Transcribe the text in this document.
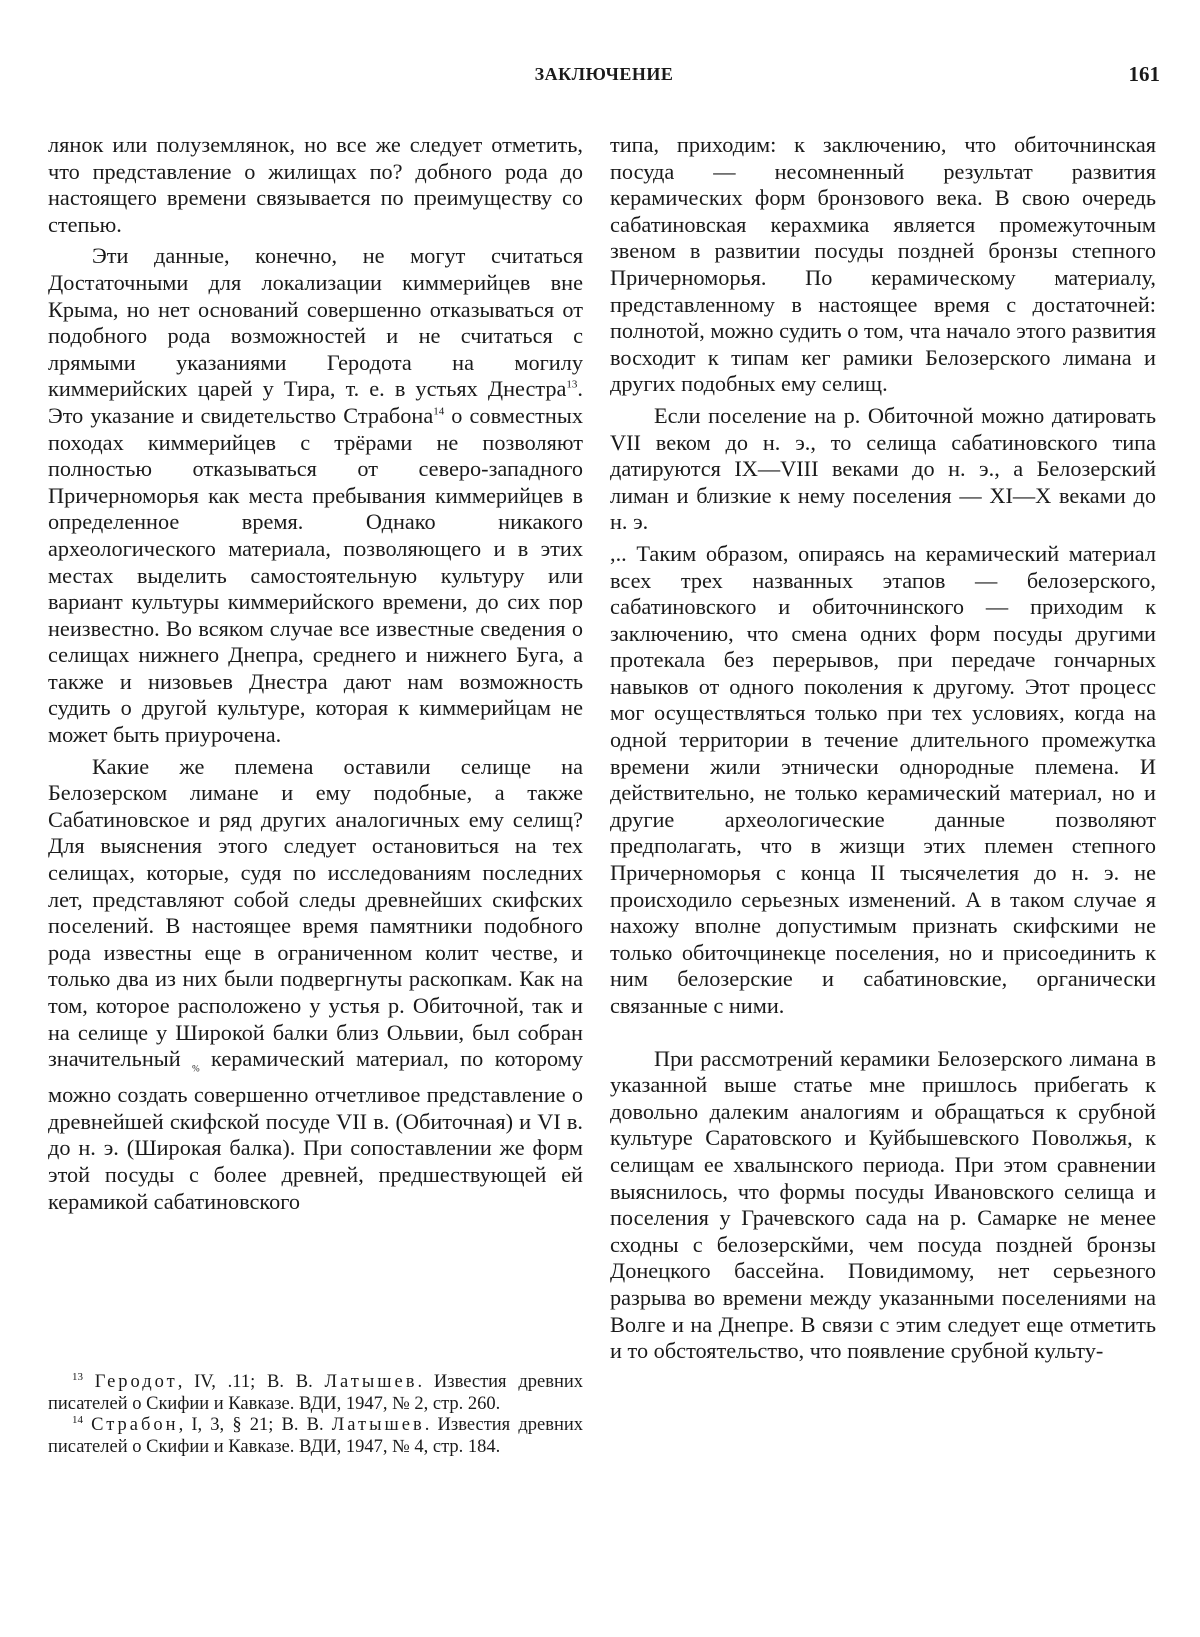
ЗАКЛЮЧЕНИЕ	161

лянок или полуземлянок, но все же следует отметить, что представление о жилищах по? добного рода до настоящего времени связывается по преимуществу со степью.

Эти данные, конечно, не могут считаться Достаточными для локализации киммерийцев вне Крыма, но нет оснований совершенно отказываться от подобного рода возможностей и не считаться с лрямыми указаниями Геродота на могилу киммерийских царей у Тира, т. е. в устьях Днестра$^{13}$. Это указание и свидетельство Страбона$^{14}$ о совместных походах киммерийцев с трёрами не позволяют полностью отказываться от северо-западного Причерноморья как места пребывания киммерийцев в определенное время. Однако никакого археологического материала, позволяющего и в этих местах выделить самостоятельную культуру или вариант культуры киммерийского времени, до сих пор неизвестно. Во всяком случае все известные сведения о селищах нижнего Днепра, среднего и нижнего Буга, а также и низовьев Днестра дают нам возможность судить о другой культуре, которая к киммерийцам не может быть приурочена.

Какие же племена оставили селище на Белозерском лимане и ему подобные, а также Сабатиновское и ряд других аналогичных ему селищ? Для выяснения этого следует остановиться на тех селищах, которые, судя по исследованиям последних лет, представляют собой следы древнейших скифских поселений. В настоящее время памятники подобного рода известны еще в ограниченном колит честве, и только два из них были подвергнуты раскопкам. Как на том, которое расположено у устья р. Обиточной, так и на селище у Широкой балки близ Ольвии, был собран значительный $_{\%}$ керамический материал, по которому можно создать совершенно отчетливое представление о древнейшей скифской посуде VII в. (Обиточная) и VI в. до н. э. (Широкая балка). При сопоставлении же форм этой посуды с более древней, предшествующей ей керамикой сабатиновского

$^{13}$ Геродот, IV, .11; В. В. Латышев. Известия древних писателей о Скифии и Кавказе. ВДИ, 1947, № 2, стр. 260.

$^{14}$ Страбон, I, 3, § 21; В. В. Латышев. Известия древних писателей о Скифии и Кавказе. ВДИ, 1947, № 4, стр. 184.

типа, приходим: к заключению, что обиточнинская посуда — несомненный результат развития керамических форм бронзового века. В свою очередь сабатиновская керахмика является промежуточным звеном в развитии посуды поздней бронзы степного Причерноморья. По керамическому материалу, представленному в настоящее время с достаточней: полнотой, можно судить о том, чта начало этого развития восходит к типам кег рамики Белозерского лимана и других подобных ему селищ.

Если поселение на р. Обиточной можно датировать VII веком до н. э., то селища сабатиновского типа датируются IX—VIII веками до н. э., а Белозерский лиман и близкие к нему поселения — XI—X веками до н. э.

,.. Таким образом, опираясь на керамический материал всех трех названных этапов — белозерского, сабатиновского и обиточнинского — приходим к заключению, что смена одних форм посуды другими протекала без перерывов, при передаче гончарных навыков от одного поколения к другому. Этот процесс мог осуществляться только при тех условиях, когда на одной территории в течение длительного промежутка времени жили этнически однородные племена. И действительно, не только керамический материал, но и другие археологические данные позволяют предполагать, что в жизщи этих племен степного Причерноморья с конца II тысячелетия до н. э. не происходило серьезных изменений. А в таком случае я нахожу вполне допустимым признать скифскими не только обиточцинекце поселения, но и присоединить к ним белозерские и сабатиновские, органически связанные с ними.

При рассмотрений керамики Белозерского лимана в указанной выше статье мне пришлось прибегать к довольно далеким аналогиям и обращаться к срубной культуре Саратовского и Куйбышевского Поволжья, к селищам ее хвалынского периода. При этом сравнении выяснилось, что формы посуды Ивановского селища и поселения у Грачевского сада на р. Самарке не менее сходны с белозерскйми, чем посуда поздней бронзы Донецкого бассейна. Повидимому, нет серьезного разрыва во времени между указанными поселениями на Волге и на Днепре. В связи с этим следует еще отметить и то обстоятельство, что появление срубной культу-
